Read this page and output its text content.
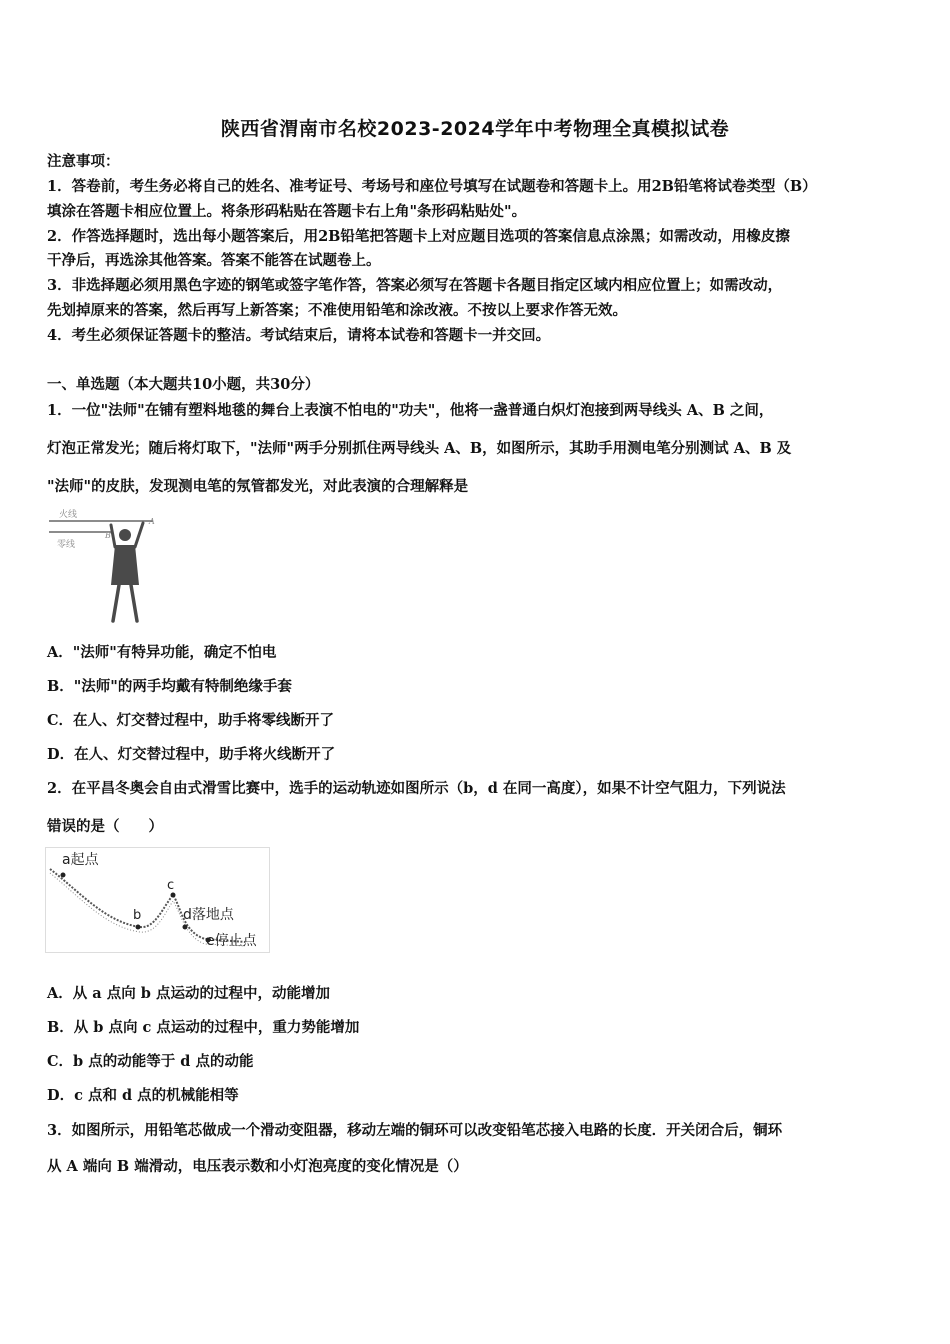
陕西省渭南市名校2023-2024学年中考物理全真模拟试卷
注意事项：
1．答卷前，考生务必将自己的姓名、准考证号、考场号和座位号填写在试题卷和答题卡上。用2B铅笔将试卷类型（B）
填涂在答题卡相应位置上。将条形码粘贴在答题卡右上角"条形码粘贴处"。
2．作答选择题时，选出每小题答案后，用2B铅笔把答题卡上对应题目选项的答案信息点涂黑；如需改动，用橡皮擦
干净后，再选涂其他答案。答案不能答在试题卷上。
3．非选择题必须用黑色字迹的钢笔或签字笔作答，答案必须写在答题卡各题目指定区域内相应位置上；如需改动，
先划掉原来的答案，然后再写上新答案；不准使用铅笔和涂改液。不按以上要求作答无效。
4．考生必须保证答题卡的整洁。考试结束后，请将本试卷和答题卡一并交回。
一、单选题（本大题共10小题，共30分）
1．一位"法师"在铺有塑料地毯的舞台上表演不怕电的"功夫"，他将一盏普通白炽灯泡接到两导线头 A、B 之间，
灯泡正常发光；随后将灯取下，"法师"两手分别抓住两导线头 A、B，如图所示，其助手用测电笔分别测试 A、B 及
"法师"的皮肤，发现测电笔的氖管都发光，对此表演的合理解释是
火线
零线
A
B
A．"法师"有特异功能，确定不怕电
B．"法师"的两手均戴有特制绝缘手套
C．在人、灯交替过程中，助手将零线断开了
D．在人、灯交替过程中，助手将火线断开了
2．在平昌冬奥会自由式滑雪比赛中，选手的运动轨迹如图所示（b，d 在同一高度），如果不计空气阻力，下列说法
错误的是（　　）
a起点
b
c
d落地点
e停止点
A．从 a 点向 b 点运动的过程中，动能增加
B．从 b 点向 c 点运动的过程中，重力势能增加
C．b 点的动能等于 d 点的动能
D．c 点和 d 点的机械能相等
3．如图所示，用铅笔芯做成一个滑动变阻器，移动左端的铜环可以改变铅笔芯接入电路的长度．开关闭合后，铜环
从 A 端向 B 端滑动，电压表示数和小灯泡亮度的变化情况是（）
